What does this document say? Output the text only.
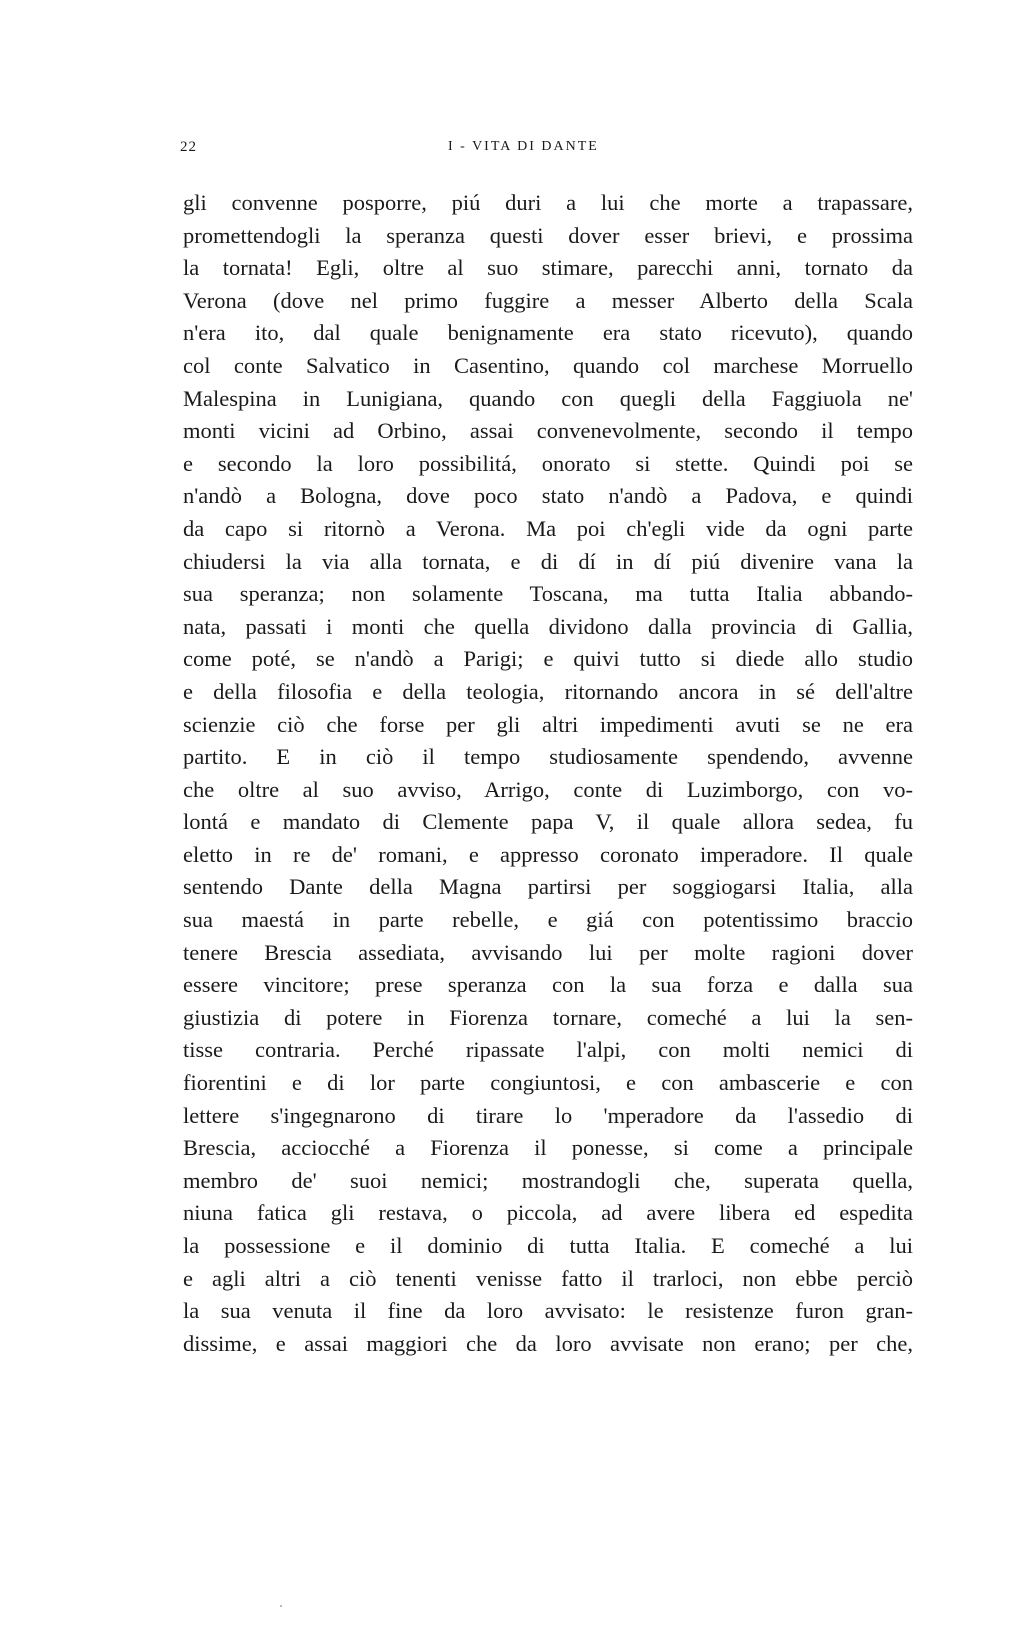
22	I - VITA DI DANTE
gli convenne posporre, piú duri a lui che morte a trapassare,
promettendogli la speranza questi dover esser brievi, e prossima
la tornata! Egli, oltre al suo stimare, parecchi anni, tornato da
Verona (dove nel primo fuggire a messer Alberto della Scala
n'era ito, dal quale benignamente era stato ricevuto), quando
col conte Salvatico in Casentino, quando col marchese Morruello
Malespina in Lunigiana, quando con quegli della Faggiuola ne'
monti vicini ad Orbino, assai convenevolmente, secondo il tempo
e secondo la loro possibilitá, onorato si stette. Quindi poi se
n'andò a Bologna, dove poco stato n'andò a Padova, e quindi
da capo si ritornò a Verona. Ma poi ch'egli vide da ogni parte
chiudersi la via alla tornata, e di dí in dí piú divenire vana la
sua speranza; non solamente Toscana, ma tutta Italia abbando-
nata, passati i monti che quella dividono dalla provincia di Gallia,
come poté, se n'andò a Parigi; e quivi tutto si diede allo studio
e della filosofia e della teologia, ritornando ancora in sé dell'altre
scienzie ciò che forse per gli altri impedimenti avuti se ne era
partito. E in ciò il tempo studiosamente spendendo, avvenne
che oltre al suo avviso, Arrigo, conte di Luzimborgo, con vo-
lontá e mandato di Clemente papa V, il quale allora sedea, fu
eletto in re de' romani, e appresso coronato imperadore. Il quale
sentendo Dante della Magna partirsi per soggiogarsi Italia, alla
sua maestá in parte rebelle, e giá con potentissimo braccio
tenere Brescia assediata, avvisando lui per molte ragioni dover
essere vincitore; prese speranza con la sua forza e dalla sua
giustizia di potere in Fiorenza tornare, comeché a lui la sen-
tisse contraria. Perché ripassate l'alpi, con molti nemici di
fiorentini e di lor parte congiuntosi, e con ambascerie e con
lettere s'ingegnarono di tirare lo 'mperadore da l'assedio di
Brescia, acciocché a Fiorenza il ponesse, si come a principale
membro de' suoi nemici; mostrandogli che, superata quella,
niuna fatica gli restava, o piccola, ad avere libera ed espedita
la possessione e il dominio di tutta Italia. E comeché a lui
e agli altri a ciò tenenti venisse fatto il trarloci, non ebbe perciò
la sua venuta il fine da loro avvisato: le resistenze furon gran-
dissime, e assai maggiori che da loro avvisate non erano; per che,
